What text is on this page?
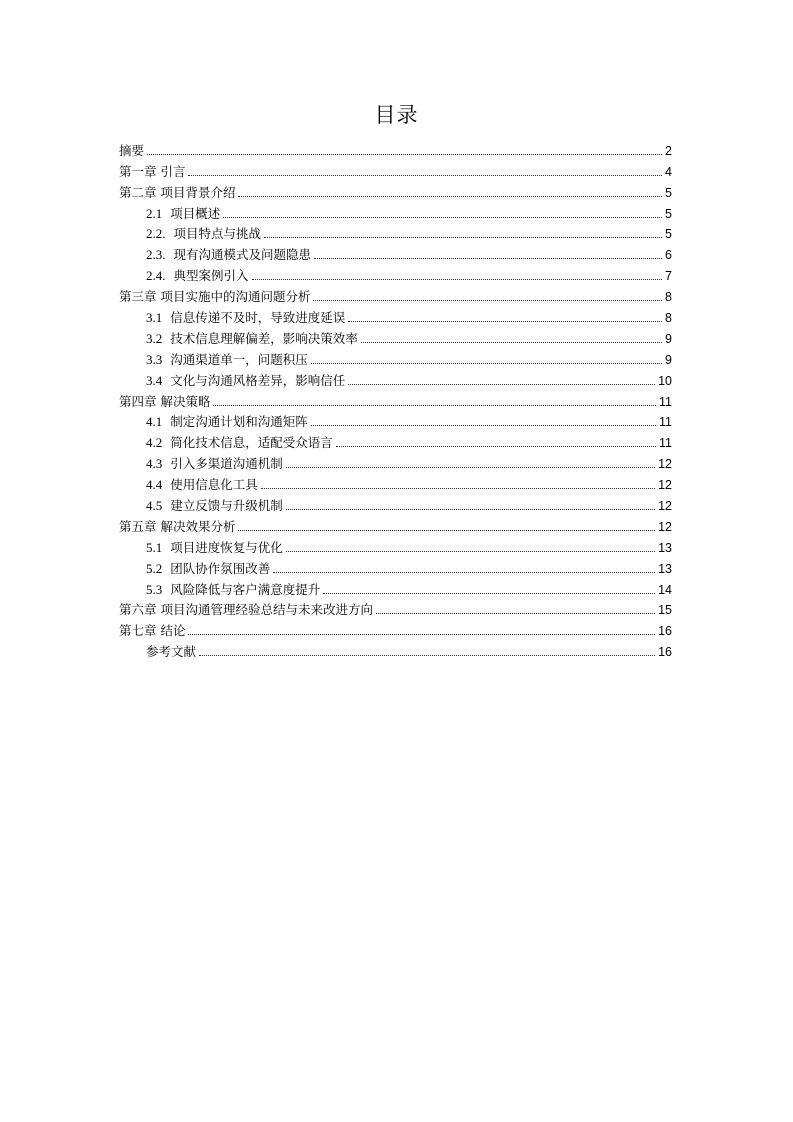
目录
摘要	2
第一章 引言	4
第二章 项目背景介绍	5
2.1 项目概述	5
2.2. 项目特点与挑战	5
2.3. 现有沟通模式及问题隐患	6
2.4. 典型案例引入	7
第三章 项目实施中的沟通问题分析	8
3.1 信息传递不及时，导致进度延误	8
3.2 技术信息理解偏差，影响决策效率	9
3.3 沟通渠道单一，问题积压	9
3.4 文化与沟通风格差异，影响信任	10
第四章 解决策略	11
4.1 制定沟通计划和沟通矩阵	11
4.2 简化技术信息，适配受众语言	11
4.3 引入多渠道沟通机制	12
4.4 使用信息化工具	12
4.5 建立反馈与升级机制	12
第五章 解决效果分析	12
5.1 项目进度恢复与优化	13
5.2 团队协作氛围改善	13
5.3 风险降低与客户满意度提升	14
第六章 项目沟通管理经验总结与未来改进方向	15
第七章 结论	16
参考文献	16
